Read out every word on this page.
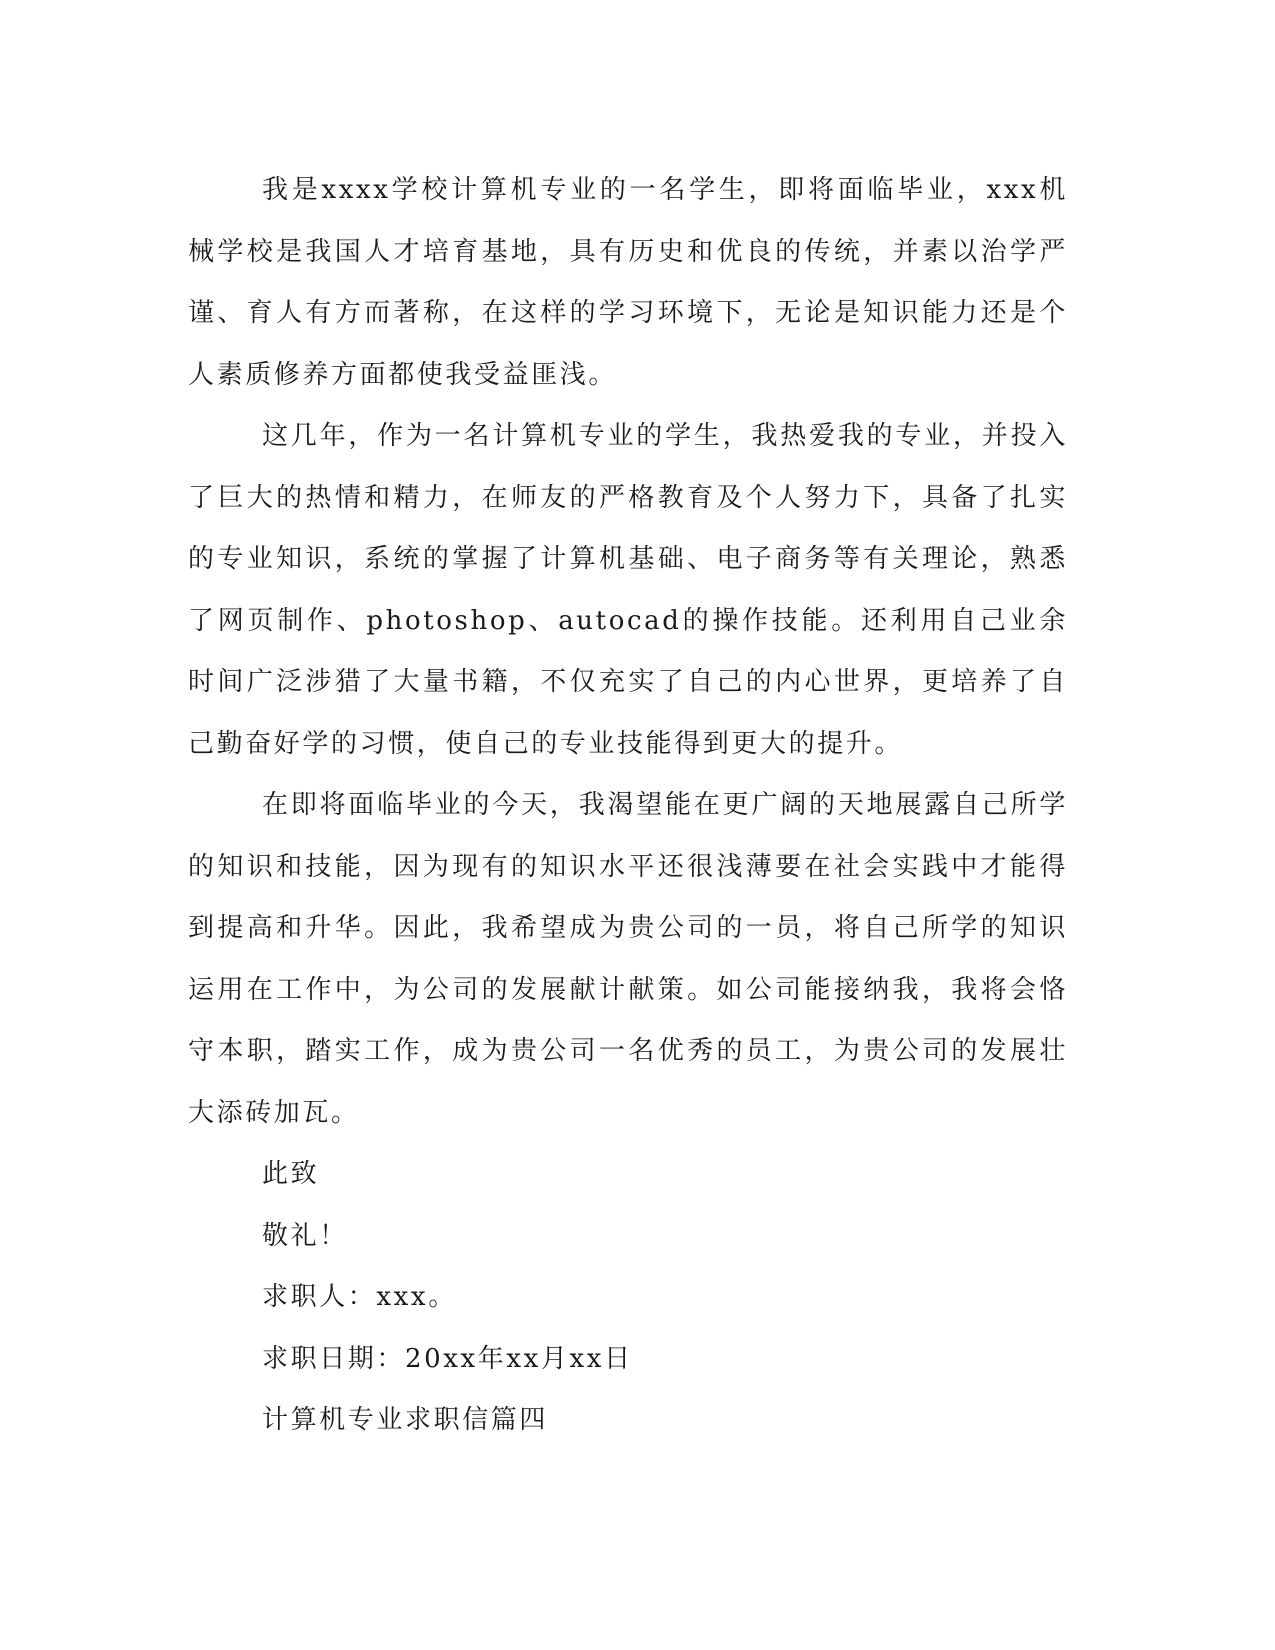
我是xxxx学校计算机专业的一名学生，即将面临毕业，xxx机械学校是我国人才培育基地，具有历史和优良的传统，并素以治学严谨、育人有方而著称，在这样的学习环境下，无论是知识能力还是个人素质修养方面都使我受益匪浅。

这几年，作为一名计算机专业的学生，我热爱我的专业，并投入了巨大的热情和精力，在师友的严格教育及个人努力下，具备了扎实的专业知识，系统的掌握了计算机基础、电子商务等有关理论，熟悉了网页制作、photoshop、autocad的操作技能。还利用自己业余时间广泛涉猎了大量书籍，不仅充实了自己的内心世界，更培养了自己勤奋好学的习惯，使自己的专业技能得到更大的提升。

在即将面临毕业的今天，我渴望能在更广阔的天地展露自己所学的知识和技能，因为现有的知识水平还很浅薄要在社会实践中才能得到提高和升华。因此，我希望成为贵公司的一员，将自己所学的知识运用在工作中，为公司的发展献计献策。如公司能接纳我，我将会恪守本职，踏实工作，成为贵公司一名优秀的员工，为贵公司的发展壮大添砖加瓦。

此致

敬礼！

求职人：xxx。

求职日期：20xx年xx月xx日

计算机专业求职信篇四
